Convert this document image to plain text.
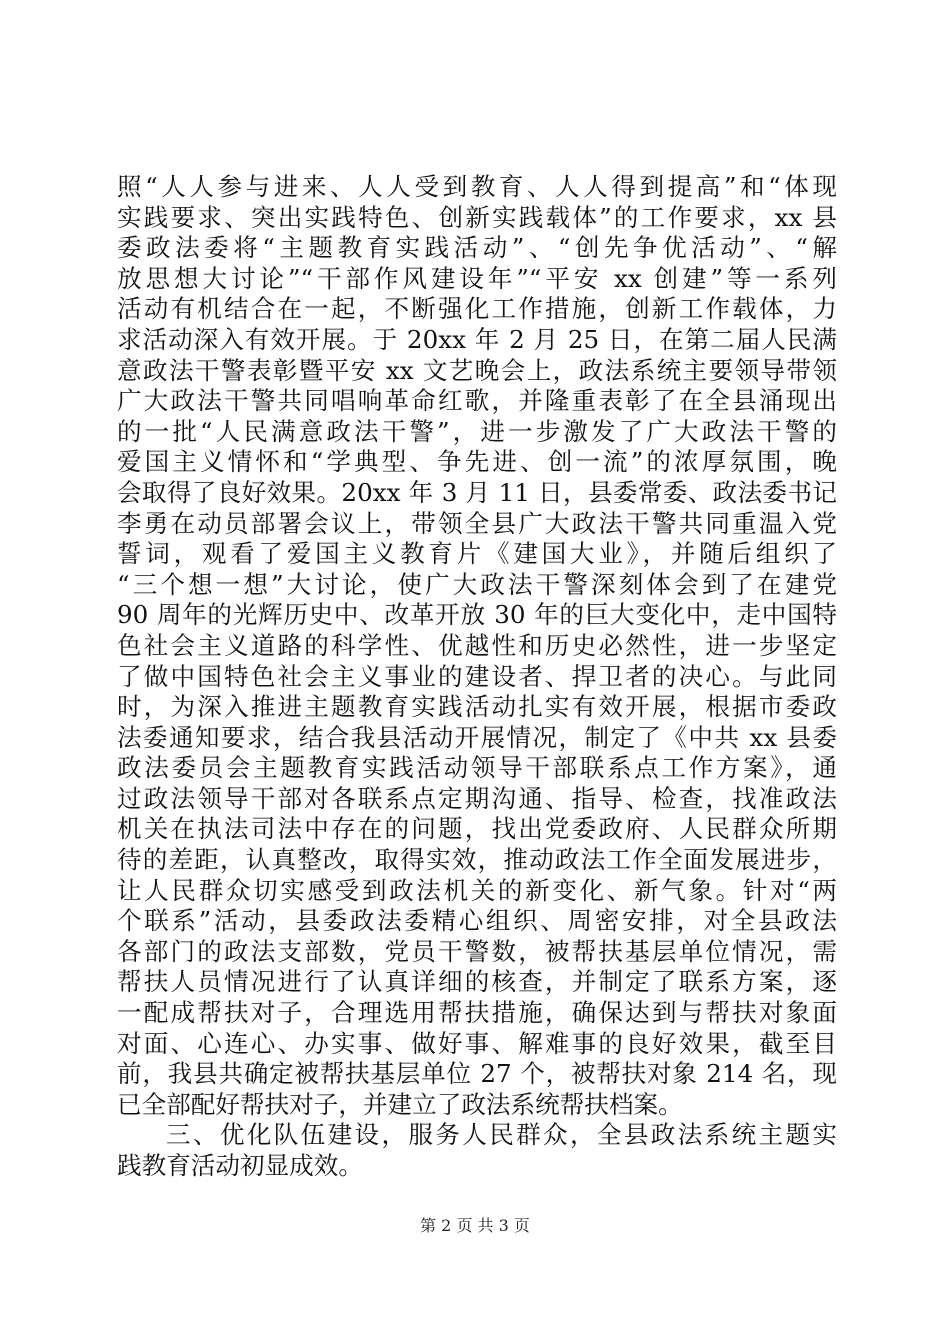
照“人人参与进来、人人受到教育、人人得到提高”和“体现
实践要求、突出实践特色、创新实践载体”的工作要求，xx 县
委政法委将“主题教育实践活动”、“创先争优活动”、“解
放思想大讨论”“干部作风建设年”“平安 xx 创建”等一系列
活动有机结合在一起，不断强化工作措施，创新工作载体，力
求活动深入有效开展。于 20xx 年 2 月 25 日，在第二届人民满
意政法干警表彰暨平安 xx 文艺晚会上，政法系统主要领导带领
广大政法干警共同唱响革命红歌，并隆重表彰了在全县涌现出
的一批“人民满意政法干警”，进一步激发了广大政法干警的
爱国主义情怀和“学典型、争先进、创一流”的浓厚氛围，晚
会取得了良好效果。20xx 年 3 月 11 日，县委常委、政法委书记
李勇在动员部署会议上，带领全县广大政法干警共同重温入党
誓词，观看了爱国主义教育片《建国大业》，并随后组织了
“三个想一想”大讨论，使广大政法干警深刻体会到了在建党
90 周年的光辉历史中、改革开放 30 年的巨大变化中，走中国特
色社会主义道路的科学性、优越性和历史必然性，进一步坚定
了做中国特色社会主义事业的建设者、捍卫者的决心。与此同
时，为深入推进主题教育实践活动扎实有效开展，根据市委政
法委通知要求，结合我县活动开展情况，制定了《中共 xx 县委
政法委员会主题教育实践活动领导干部联系点工作方案》，通
过政法领导干部对各联系点定期沟通、指导、检查，找准政法
机关在执法司法中存在的问题，找出党委政府、人民群众所期
待的差距，认真整改，取得实效，推动政法工作全面发展进步，
让人民群众切实感受到政法机关的新变化、新气象。针对“两
个联系”活动，县委政法委精心组织、周密安排，对全县政法
各部门的政法支部数，党员干警数，被帮扶基层单位情况，需
帮扶人员情况进行了认真详细的核查，并制定了联系方案，逐
一配成帮扶对子，合理选用帮扶措施，确保达到与帮扶对象面
对面、心连心、办实事、做好事、解难事的良好效果，截至目
前，我县共确定被帮扶基层单位 27 个，被帮扶对象 214 名，现
已全部配好帮扶对子，并建立了政法系统帮扶档案。
三、优化队伍建设，服务人民群众，全县政法系统主题实
践教育活动初显成效。
第 2 页 共 3 页
